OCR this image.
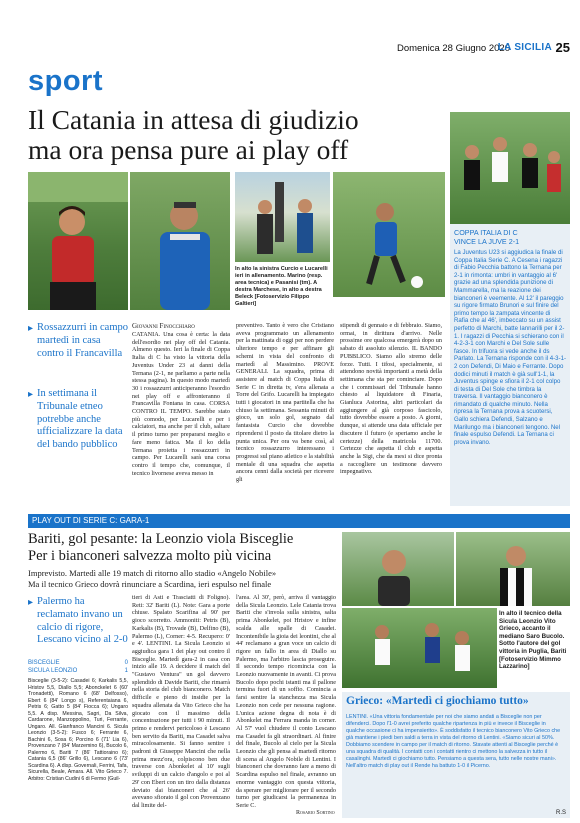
Domenica 28 Giugno 2020
LA SICILIA 25
sport
Il Catania in attesa di giudizio
ma ora pensa pure ai play off
In alto la sinistra Curcio e Lucarelli ieri in allenamento. Marino (resp. area tecnica) e Pasanisi (tm). A destra Marchese, in alto a destra Beleck [Fotoservizio Filippo Galtieri]
▸ Rossazzurri in campo martedì in casa contro il Francavilla
▸ In settimana il Tribunale etneo potrebbe anche ufficializzare la data del bando pubblico
Giovanni Finocchiaro
CATANIA. Una cosa è certa: la data dell'esordio nei play off del Catania. Almeno questo. Ieri la finale di Coppa Italia di C ha visto la vittoria della Juventus Under 23 ai danni della Ternana (2-1, ne parliamo a parte nella stessa pagina). In questo modo martedì 30 i rossazzurri anticiperanno l'esordio nei play off e affronteranno il Francavilla Fontana in casa. CORSA CONTRO IL TEMPO. Sarebbe stato più comodo, per Lucarelli e per i calciatori, ma anche per il club, saltare il primo turno per prepararsi meglio e fare meno fatica. Ma il ko della Ternana proietta i rossazzurri in campo. Per Lucarelli sarà una corsa contro il tempo che, comunque, il tecnico livornese aveva messo in
preventivo. Tanto è vero che Cristiano aveva programmato un allenamento per la mattinata di oggi per non perdere ulteriore tempo e per affinare gli schemi in vista del confronto di martedì al Massimino. PROVE GENERALI. La squadra, prima di assistere al match di Coppa Italia di Serie C in diretta tv, s'era allenata a Torre del Grifo. Lucarelli ha impiegato tutti i giocatori in una partitella che ha chiuso la settimana. Sessanta minuti di gioco, un solo gol, segnato dal fantasista Curcio che dovrebbe riprendersi il posto da titolare dietro la punta unica. Per ora va bene così, al tecnico rossazzurro interessano i progressi sul piano atletico e la stabilità mentale di una squadra che aspetta ancora cenni dalla società per ricevere gli
stipendi di gennaio e di febbraio. Siamo, ormai, in dirittura d'arrivo. Nelle prossime ore qualcosa emergerà dopo un sabato di assoluto silenzio. IL BANDO PUBBLICO. Siamo allo stremo delle forze. Tutti. I tifosi, specialmente, si attendono novità importanti a metà della settimana che sta per cominciare. Dopo che i commissari del Tribunale hanno chiesto al liquidatore di Finaria, Gianluca Astorina, altri particolari da aggiungere al già corposo fascicolo, tutto dovrebbe essere a posto. A giorni, dunque, si attende una data ufficiale per discutere il futuro (e speriamo anche le certezze) della matricola 11700. Certezze che aspetta il club e aspetta anche la Sigi, che da mesi si dice pronta a raccogliere un testimone davvero impegnativo.
COPPA ITALIA DI C
VINCE LA JUVE 2-1
La Juventus U23 si aggiudica la finale di Coppa Italia Serie C. A Cesena i ragazzi di Fabio Pecchia battono la Ternana per 2-1 in rimonta: umbri in vantaggio al 6' grazie ad una splendida punizione di Mammarella, ma la reazione dei bianconeri è veemente. Al 12' il pareggio su rigore firmato Brunori e sul finire del primo tempo la zampata vincente di Rafia che al 46', imbeccato su un assist perfetto di Marchi, batte Iannarilli per il 2-1. I ragazzi di Pecchia si schierano con il 4-2-3-1 con Marchi e Del Sole sulle fasce. In trifuora si vede anche il ds Parlato. La Ternana risponde con il 4-3-1-2 con Defendi, Di Maio e Ferrante. Dopo dodici minuti il match è già sull'1-1, la Juventus spinge e sfiora il 2-1 col colpo di testa di Del Sole che timbra la traversa. Il vantaggio bianconero è rimandato di qualche minuto. Nella ripresa la Ternana prova a scuotersi, Gallo schiera Defendi, Salzano e Marilungo ma i bianconeri tengono. Nel finale espulso Defendi. La Ternana ci prova invano.
PLAY OUT DI SERIE C: GARA-1
Bariti, gol pesante: la Leonzio viola Bisceglie
Per i bianconeri salvezza molto più vicina
Imprevisto. Martedì alle 19 match di ritorno allo stadio «Angelo Nobile»
Ma il tecnico Grieco dovrà rinunciare a Scardina, ieri espulso nel finale
▸ Palermo ha reclamato invano un calcio di rigore, Lescano vicino al 2-0
BISCEGLIE	0
SICULA LEONZIO	1
Bisceglie (3-5-2): Casadei 6; Karkalis 5,5, Hristov 5,5, Diallo 5,5; Abonckelet 6 (60' Tronadetti), Romano 6 (68' Delfosso), Ebert 6 (84' Longo s), Referentaiana 6, Petris 6; Gatto 5 (84' Fiocca 6); Ungaro 5,5. A disp. Messina, Sagri, Da Silva, Cardarone, Manzoppolino, Turi, Ferrante, Ungaro. All. Gianfranco Mancini 6. Sicula Leonzio (3-5-2): Fusco 6; Ferrante 6, Bachini 6, Sosa 6; Porcino 6 (71' Lia 6), Provenzano 7 (84' Marzemino 6), Bucolo 6, Palermo 6, Bariti 7 (86' Tattioraino 6); Catania 6,5 (86' Grillo 6), Lescano 6 (73' Scardina 6). A disp. Governali, Ferrini, Tafa, Sicurella, Beale, Amara. All. Vito Grieco 7. Arbitro: Cristian Cudini 6 di Fermo (Guil-
tieri di Asti e Trasciatti di Foligno). Reti: 32' Bariti (L). Note: Gara a porte chiuse. Spalato Scarifina al 90' per gioco scorretto. Ammoniti: Petris (B), Karkalis (B), Trovade (B), Delfino (B), Palermo (L), Corner: 4-5. Recupero: 0' e 4'. LENTINI. La Sicula Leonzio si aggiudica gara 1 dei play out contro il Bisceglie. Martedì gara-2 in casa con inizio alle 19. A decidere il match del "Gustavo Ventura" un gol davvero splendido di Davide Bariti, che rimarrà nella storia del club bianconero. Match difficile e pieno di insidie per la squadra allenata da Vito Grieco che ha giocato con il massimo della concentrazione per tutti i 90 minuti. Il primo e rendervi pericoloso è Lescano ben servito da Bariti, ma Casadei salva miracolosamente. Si fanno sentire i padroni di Giuseppe Mancini che nella prima mezz'ora, colpiscono ben due traverse con Abonkelet al 10' sugli sviluppi di un calcio d'angolo e poi al 29' con Ebert con un tiro dalla distanza deviato dai bianconeri che al 26' avevano sfiorato il gol con Provenzano dal limite del-
l'area. Al 30', però, arriva il vantaggio della Sicula Leonzio. Lele Catania trova Bariti che s'invola sulla sinistra, salta prima Abonkelet, poi Hristov e infine scalda alle spalle di Casadei. Incontenibile la gioia dei leontini, che al 44' reclamano a gran voce un calcio di rigore un fallo in area di Diallo su Palermo, ma l'arbitro lascia proseguire. Il secondo tempo ricomincia con la Leonzio nuovamente in avanti. Ci prova Bucolo dopo pochi istanti ma il pallone termina fuori di un soffio. Comincia a farsi sentire la stanchezza ma Sicula Leonzio non cede per nessuna ragione. L'unica azione degna di nota è di Abonkelet ma Ferrara manda in corner. Al 57' vuol chiudere il conto Lescano ma Casadei fa gli straordinari. Al finire del finale, Bucolo al cielo per la Sicula Leonzio che gli pensa al martedì ritorno di scena al Angelo Nobile di Lentini. I bianconeri che dovranno fare a meno di Scardina espulso nel finale, avranno un enorme vantaggio con questa vittoria, da sperare per migliorare per il secondo turno per giudicarsi la permanenza in Serie C.
Rosario Sortino
In alto il tecnico della Sicula Leonzio Vito Grieco, accanto il mediano Saro Bucolo. Sotto l'autore del gol vittoria in Puglia, Bariti [Fotoservizio Mimmo Lazzarino]
Grieco: «Martedì ci giochiamo tutto»
LENTINI. «Una vittoria fondamentale per noi che siamo andati a Bisceglie non per difenderci. Dopo l'1-0 avrei preferito qualche ripartenza in più e invece il Bisceglie in qualche occasione ci ha impensierito». È soddisfatto il tecnico bianconero Vito Grieco che già mantiene i piedi ben saldi a terra in vista del ritorno di Lentini. «Siamo sicuri al 50%. Dobbiamo scendere in campo per il match di ritorno. Stavate attenti al Bisceglie perché è una squadra di qualità. I contatti con i contatti rientro ci mettono la salvezza in tutto il casalinghi. Martedì ci giochiamo tutto. Pensiamo a questa sera, tutto nelle nostre mani». Nell'altro match di play out il Rende ha battuto 1-0 il Picerno.
R.S
